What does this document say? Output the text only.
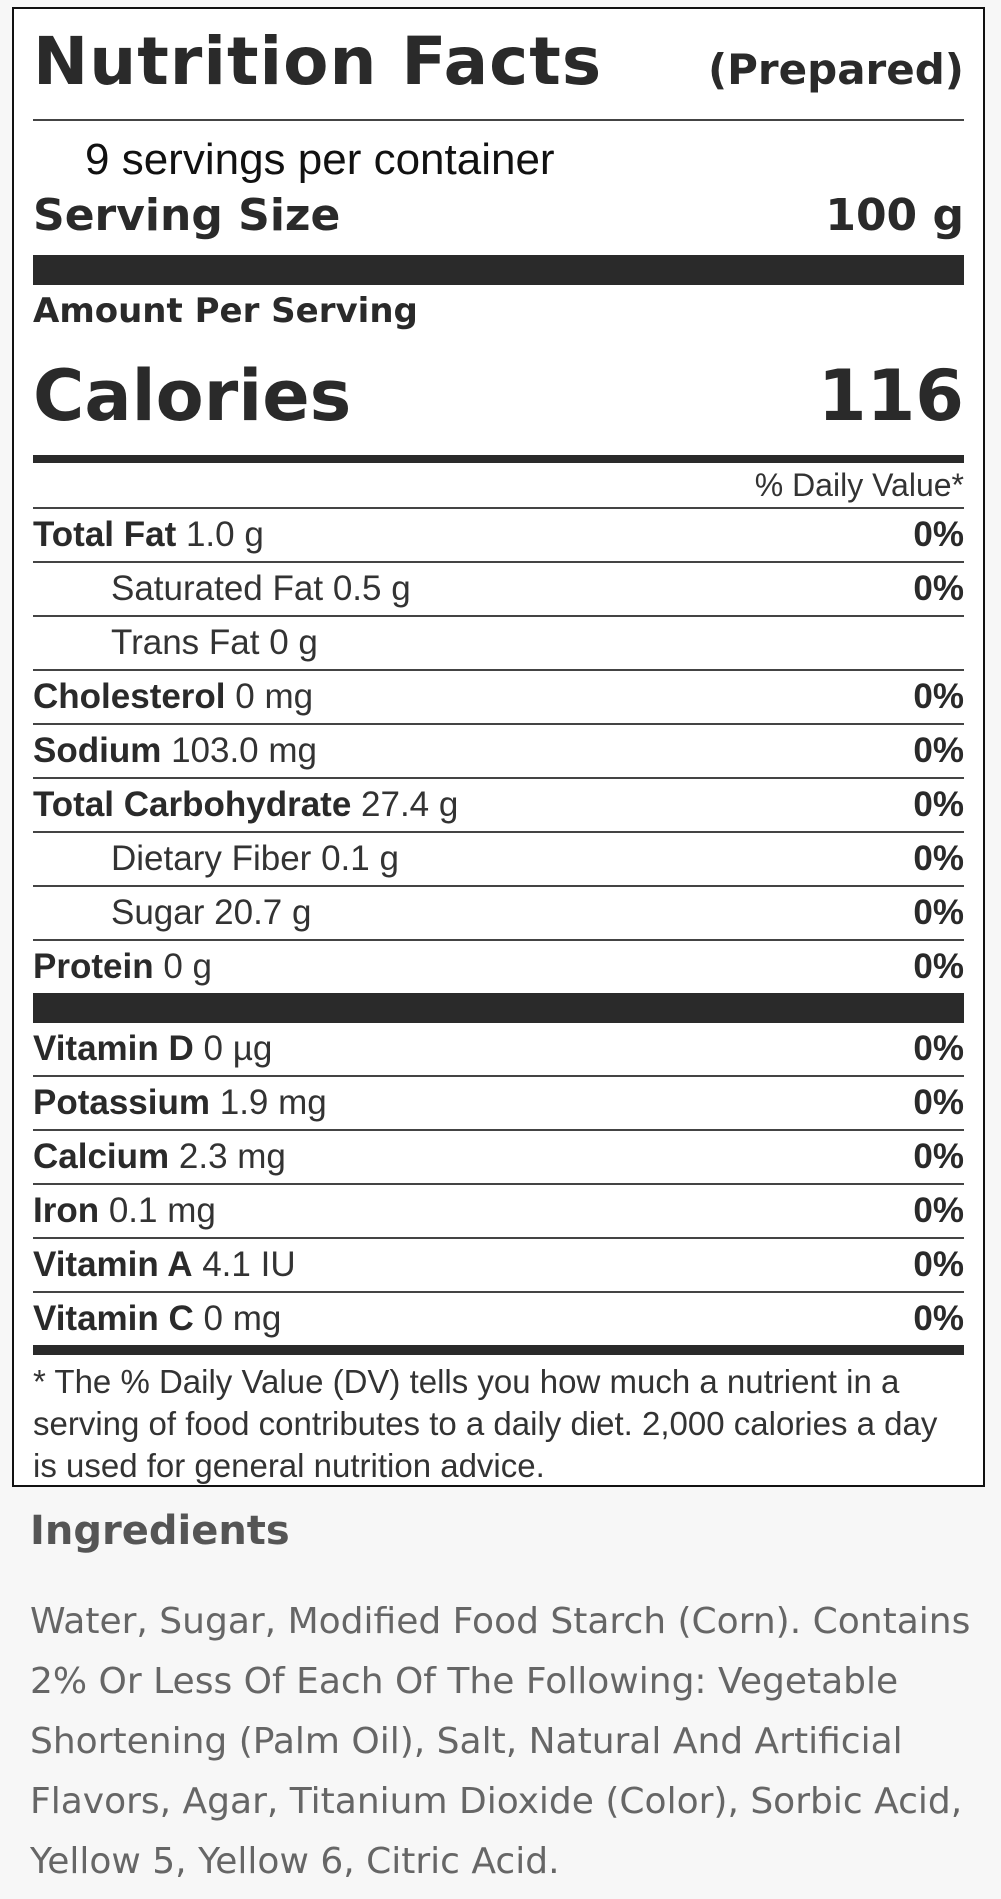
Nutrition Facts	(Prepared)
9 servings per container
Serving Size	100 g
Amount Per Serving
Calories	116
% Daily Value*
Total Fat 1.0 g	0%
Saturated Fat 0.5 g	0%
Trans Fat 0 g
Cholesterol 0 mg	0%
Sodium 103.0 mg	0%
Total Carbohydrate 27.4 g	0%
Dietary Fiber 0.1 g	0%
Sugar 20.7 g	0%
Protein 0 g	0%
Vitamin D 0 µg	0%
Potassium 1.9 mg	0%
Calcium 2.3 mg	0%
Iron 0.1 mg	0%
Vitamin A 4.1 IU	0%
Vitamin C 0 mg	0%
* The % Daily Value (DV) tells you how much a nutrient in a serving of food contributes to a daily diet. 2,000 calories a day is used for general nutrition advice.
Ingredients
Water, Sugar, Modified Food Starch (Corn). Contains 2% Or Less Of Each Of The Following: Vegetable Shortening (Palm Oil), Salt, Natural And Artificial Flavors, Agar, Titanium Dioxide (Color), Sorbic Acid, Yellow 5, Yellow 6, Citric Acid.
